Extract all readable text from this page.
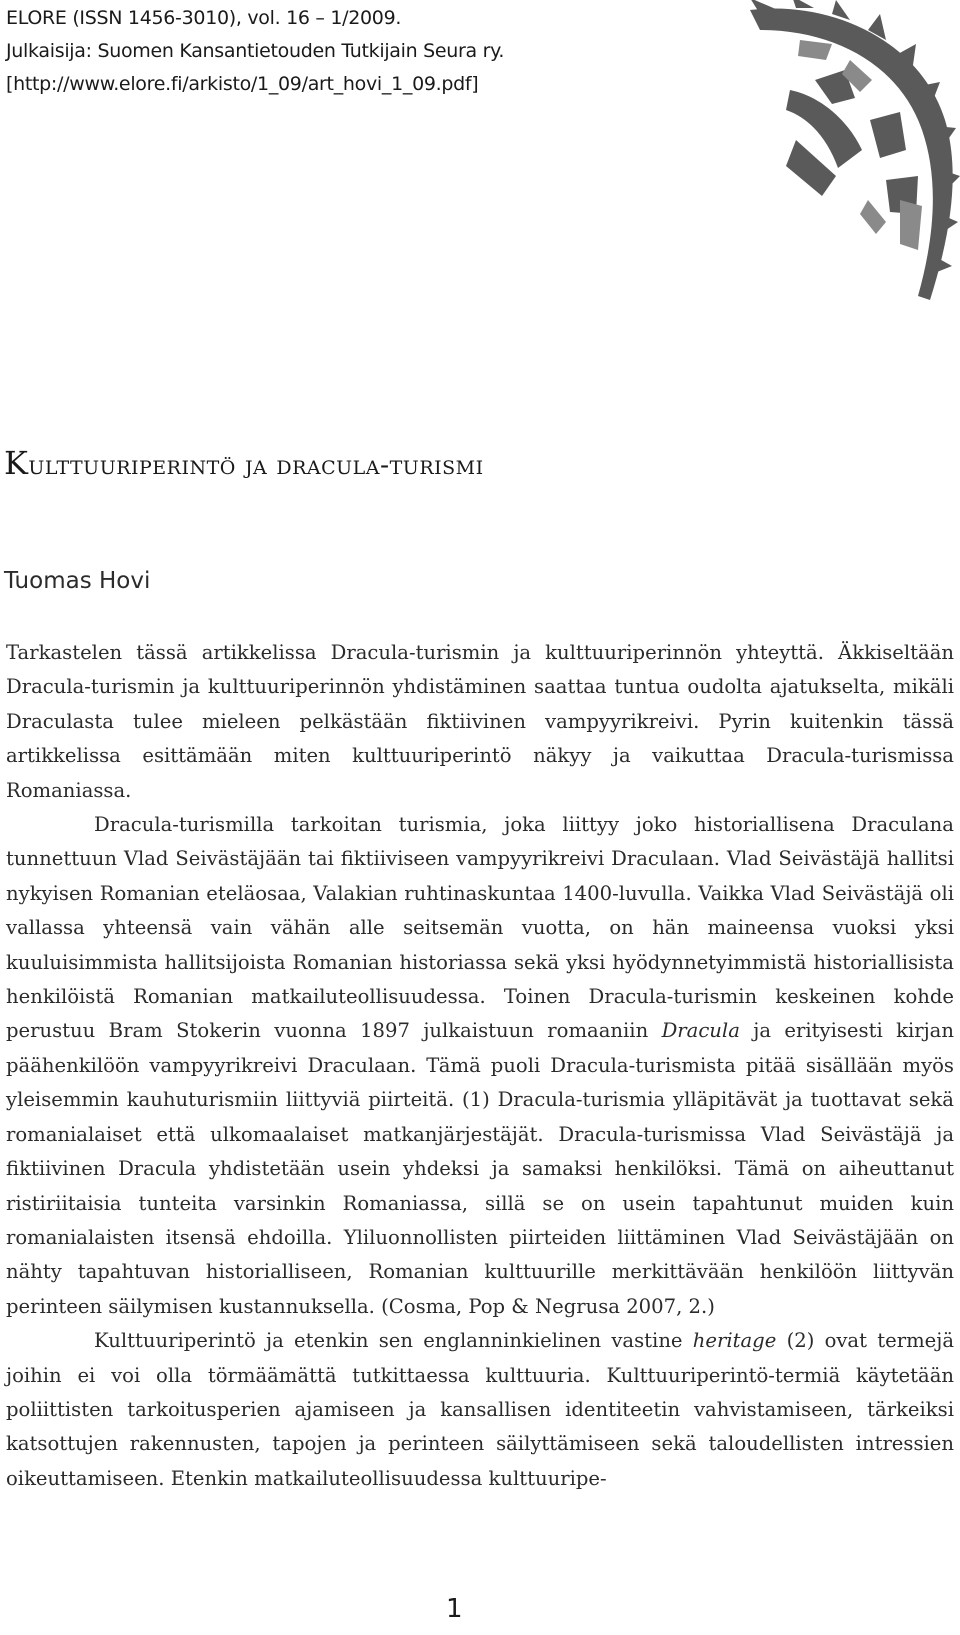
ELORE (ISSN 1456-3010), vol. 16 – 1/2009.
Julkaisija: Suomen Kansantietouden Tutkijain Seura ry.
[http://www.elore.fi/arkisto/1_09/art_hovi_1_09.pdf]
Kulttuuriperintö ja dracula-turismi
Tuomas Hovi

Tarkastelen tässä artikkelissa Dracula-turismin ja kulttuuriperinnön yhteyttä. Äkkiseltään Dracula-turismin ja kulttuuriperinnön yhdistäminen saattaa tuntua oudolta ajatukselta, mikäli Draculasta tulee mieleen pelkästään fiktiivinen vampyyrikreivi. Pyrin kuitenkin tässä artikkelissa esittämään miten kulttuuriperintö näkyy ja vaikuttaa Dracula-turismissa Romaniassa.

Dracula-turismilla tarkoitan turismia, joka liittyy joko historiallisena Draculana tunnettuun Vlad Seivästäjään tai fiktiiviseen vampyyrikreivi Draculaan. Vlad Seivästäjä hallitsi nykyisen Romanian eteläosaa, Valakian ruhtinaskuntaa 1400-luvulla. Vaikka Vlad Seivästäjä oli vallassa yhteensä vain vähän alle seitsemän vuotta, on hän maineensa vuoksi yksi kuuluisimmista hallitsijoista Romanian historiassa sekä yksi hyödynnetyimmistä historiallisista henkilöistä Romanian matkailuteollisuudessa. Toinen Dracula-turismin keskeinen kohde perustuu Bram Stokerin vuonna 1897 julkaistuun romaaniin Dracula ja erityisesti kirjan päähenkilöön vampyyrikreivi Draculaan. Tämä puoli Dracula-turismista pitää sisällään myös yleisemmin kauhuturismiin liittyviä piirteitä. (1) Dracula-turismia ylläpitävät ja tuottavat sekä romanialaiset että ulkomaalaiset matkanjärjestäjät. Dracula-turismissa Vlad Seivästäjä ja fiktiivinen Dracula yhdistetään usein yhdeksi ja samaksi henkilöksi. Tämä on aiheuttanut ristiriitaisia tunteita varsinkin Romaniassa, sillä se on usein tapahtunut muiden kuin romanialaisten itsensä ehdoilla. Yliluonnollisten piirteiden liittäminen Vlad Seivästäjään on nähty tapahtuvan historialliseen, Romanian kulttuurille merkittävään henkilöön liittyvän perinteen säilymisen kustannuksella. (Cosma, Pop & Negrusa 2007, 2.)

Kulttuuriperintö ja etenkin sen englanninkielinen vastine heritage (2) ovat termejä joihin ei voi olla törmäämättä tutkittaessa kulttuuria. Kulttuuriperintö-termiä käytetään poliittisten tarkoitusperien ajamiseen ja kansallisen identiteetin vahvistamiseen, tärkeiksi katsottujen rakennusten, tapojen ja perinteen säilyttämiseen sekä taloudellisten intressien oikeuttamiseen. Etenkin matkailuteollisuudessa kulttuuripe-

1
